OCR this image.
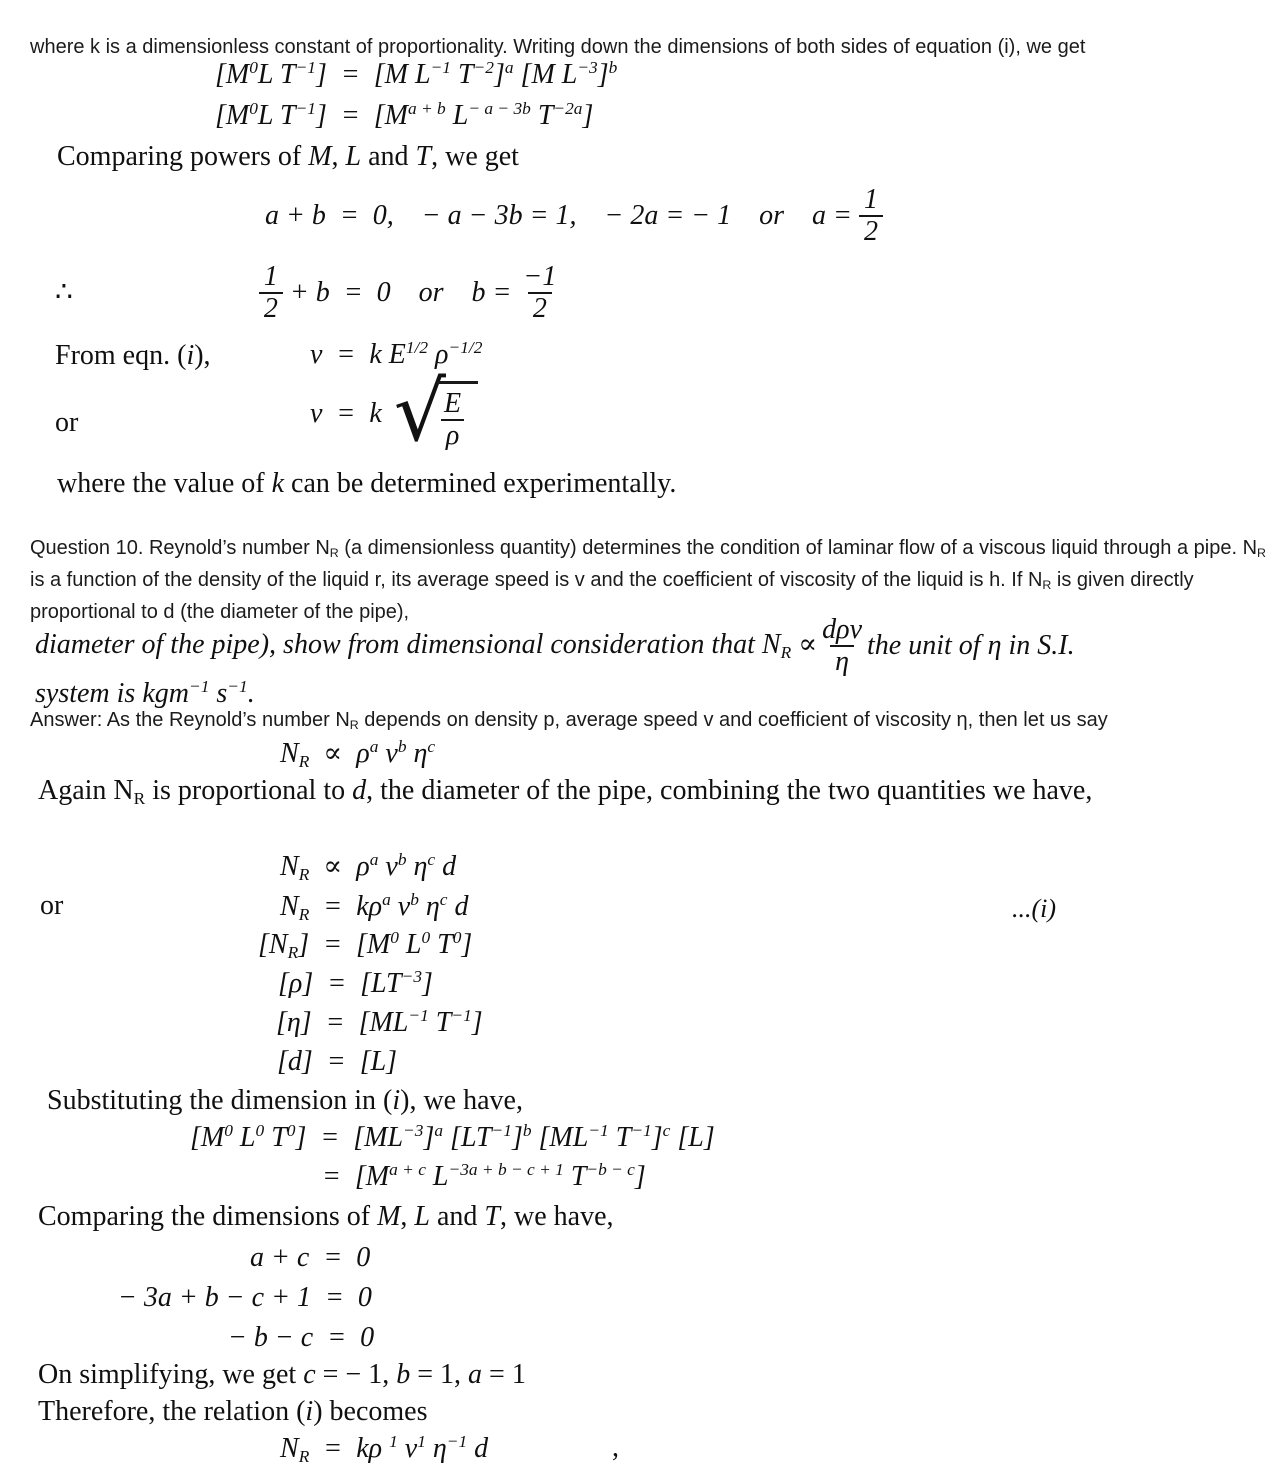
where k is a dimensionless constant of proportionality. Writing down the dimensions of both sides of equation (i), we get
[$M^0L$ $T^{-1}] = [M$ $L^{-1}$ $T^{-2}]^a$ [M $L^{-3}]^b$
[$M^0L$ $T^{-1}] = [M^{a + b}$ $L^{- a - 3b}$ $T^{-2a}$]
Comparing powers of M, L and T, we get
a + b  =  0,    − a − 3b = 1,    − 2a = − 1    or    $a = \frac{1}{2}$
∴	$\frac{1}{2} + b = 0$    or    $b = \frac{-1}{2}$
From eqn. (i),	v  =  k $E^{1/2}$ $\rho^{-1/2}$
or	v  =  k √
$\frac{E}{\rho}$
where the value of k can be determined experimentally.
Question 10. Reynold’s number $N_R$ (a dimensionless quantity) determines the condition of laminar flow of a viscous liquid through a pipe. $N_R$ is a function of the density of the liquid r, its average speed is v and the coefficient of viscosity of the liquid is h. If $N_R$ is given directly proportional to d (the diameter of the pipe),
diameter of the pipe), show from dimensional consideration that $N_R \propto \frac{\text{dρv}}{\eta}$ the unit of η in S.I.
system is kgm$^{-1}$ $s^{-1}$.
Answer: As the Reynold’s number $N_R$ depends on density p, average speed v and coefficient of viscosity η, then let us say
$N_R \propto \rho^a$ $v^b$ $\eta^c$
Again $N_R$ is proportional to d, the diameter of the pipe, combining the two quantities we have,
$N_R \propto \rho^a$ $v^b$ $\eta^c$ d
or	$N_R = k\rho^a$ $v^b$ $\eta^c$ d	...(i)
$[N_R] = [M^0$ $L^0$ $T^0$]
$[\rho] = [LT^{-3}]$
$[\eta] = [ML^{-1}$ $T^{-1}$]
[d]  =  [L]
Substituting the dimension in (i), we have,
[$M^0$ $L^0$ $T^0] = [ML^{-3}]^a$ $[LT^{-1}]^b$ [$ML^{-1}$ $T^{-1}]^c$ [L]
=  [$M^{a + c}$ $L^{-3a + b - c + 1}$ $T^{-b - c}$]
Comparing the dimensions of M, L and T, we have,
a + c  =  0
− 3a + b − c + 1  =  0
− b − c  =  0
On simplifying, we get c = − 1, b = 1, a = 1
Therefore, the relation (i) becomes
$N_R = k\rho$ $^1$ $v^1$ $\eta^{-1}$ d	,
